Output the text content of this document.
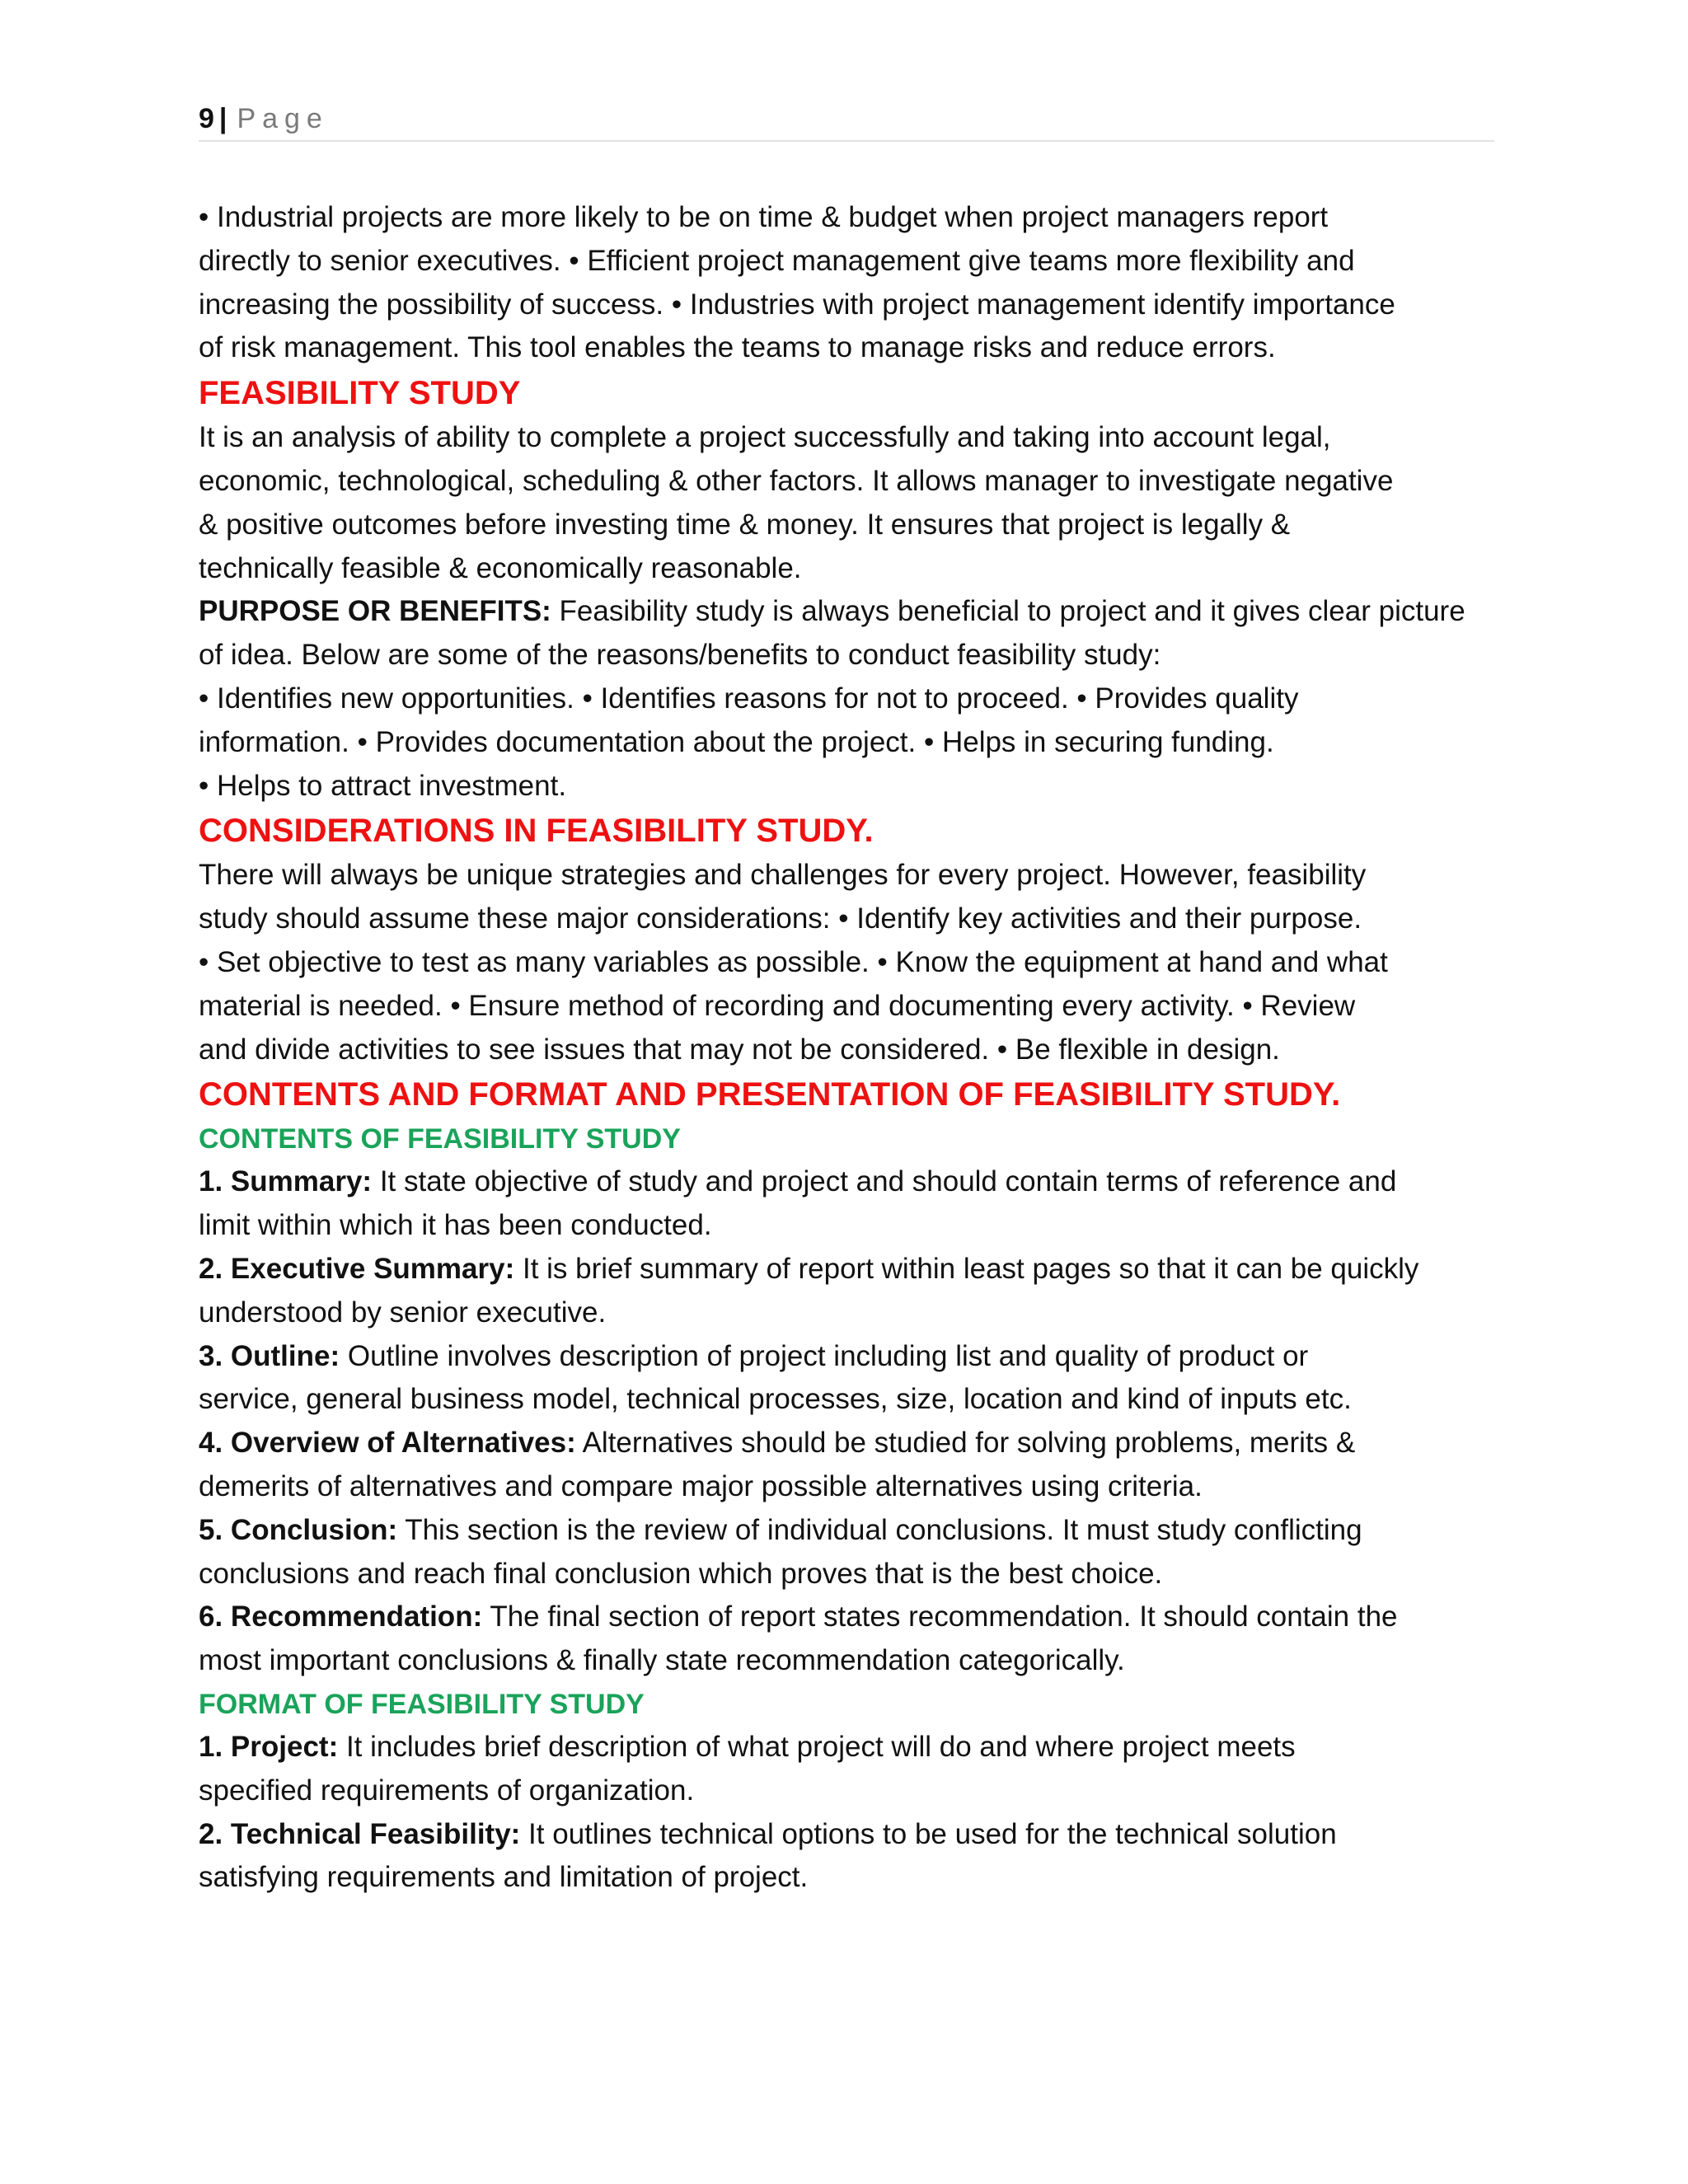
9 | Page

• Industrial projects are more likely to be on time & budget when project managers report

directly to senior executives. • Efficient project management give teams more flexibility and

increasing the possibility of success. • Industries with project management identify importance

of risk management. This tool enables the teams to manage risks and reduce errors.

FEASIBILITY STUDY

It is an analysis of ability to complete a project successfully and taking into account legal,

economic, technological, scheduling & other factors. It allows manager to investigate negative

& positive outcomes before investing time & money. It ensures that project is legally &

technically feasible & economically reasonable.

PURPOSE OR BENEFITS: Feasibility study is always beneficial to project and it gives clear picture

of idea. Below are some of the reasons/benefits to conduct feasibility study:

• Identifies new opportunities. • Identifies reasons for not to proceed. • Provides quality

information. • Provides documentation about the project. • Helps in securing funding.

• Helps to attract investment.

CONSIDERATIONS IN FEASIBILITY STUDY.

There will always be unique strategies and challenges for every project. However, feasibility

study should assume these major considerations: • Identify key activities and their purpose.

• Set objective to test as many variables as possible. • Know the equipment at hand and what

material is needed. • Ensure method of recording and documenting every activity. • Review

and divide activities to see issues that may not be considered. • Be flexible in design.

CONTENTS AND FORMAT AND PRESENTATION OF FEASIBILITY STUDY.
CONTENTS OF FEASIBILITY STUDY

1. Summary: It state objective of study and project and should contain terms of reference and

limit within which it has been conducted.

2. Executive Summary: It is brief summary of report within least pages so that it can be quickly

understood by senior executive.

3. Outline: Outline involves description of project including list and quality of product or

service, general business model, technical processes, size, location and kind of inputs etc.

4. Overview of Alternatives: Alternatives should be studied for solving problems, merits &

demerits of alternatives and compare major possible alternatives using criteria.

5. Conclusion: This section is the review of individual conclusions. It must study conflicting

conclusions and reach final conclusion which proves that is the best choice.

6. Recommendation: The final section of report states recommendation. It should contain the

most important conclusions & finally state recommendation categorically.

FORMAT OF FEASIBILITY STUDY

1. Project: It includes brief description of what project will do and where project meets

specified requirements of organization.

2. Technical Feasibility: It outlines technical options to be used for the technical solution

satisfying requirements and limitation of project.
